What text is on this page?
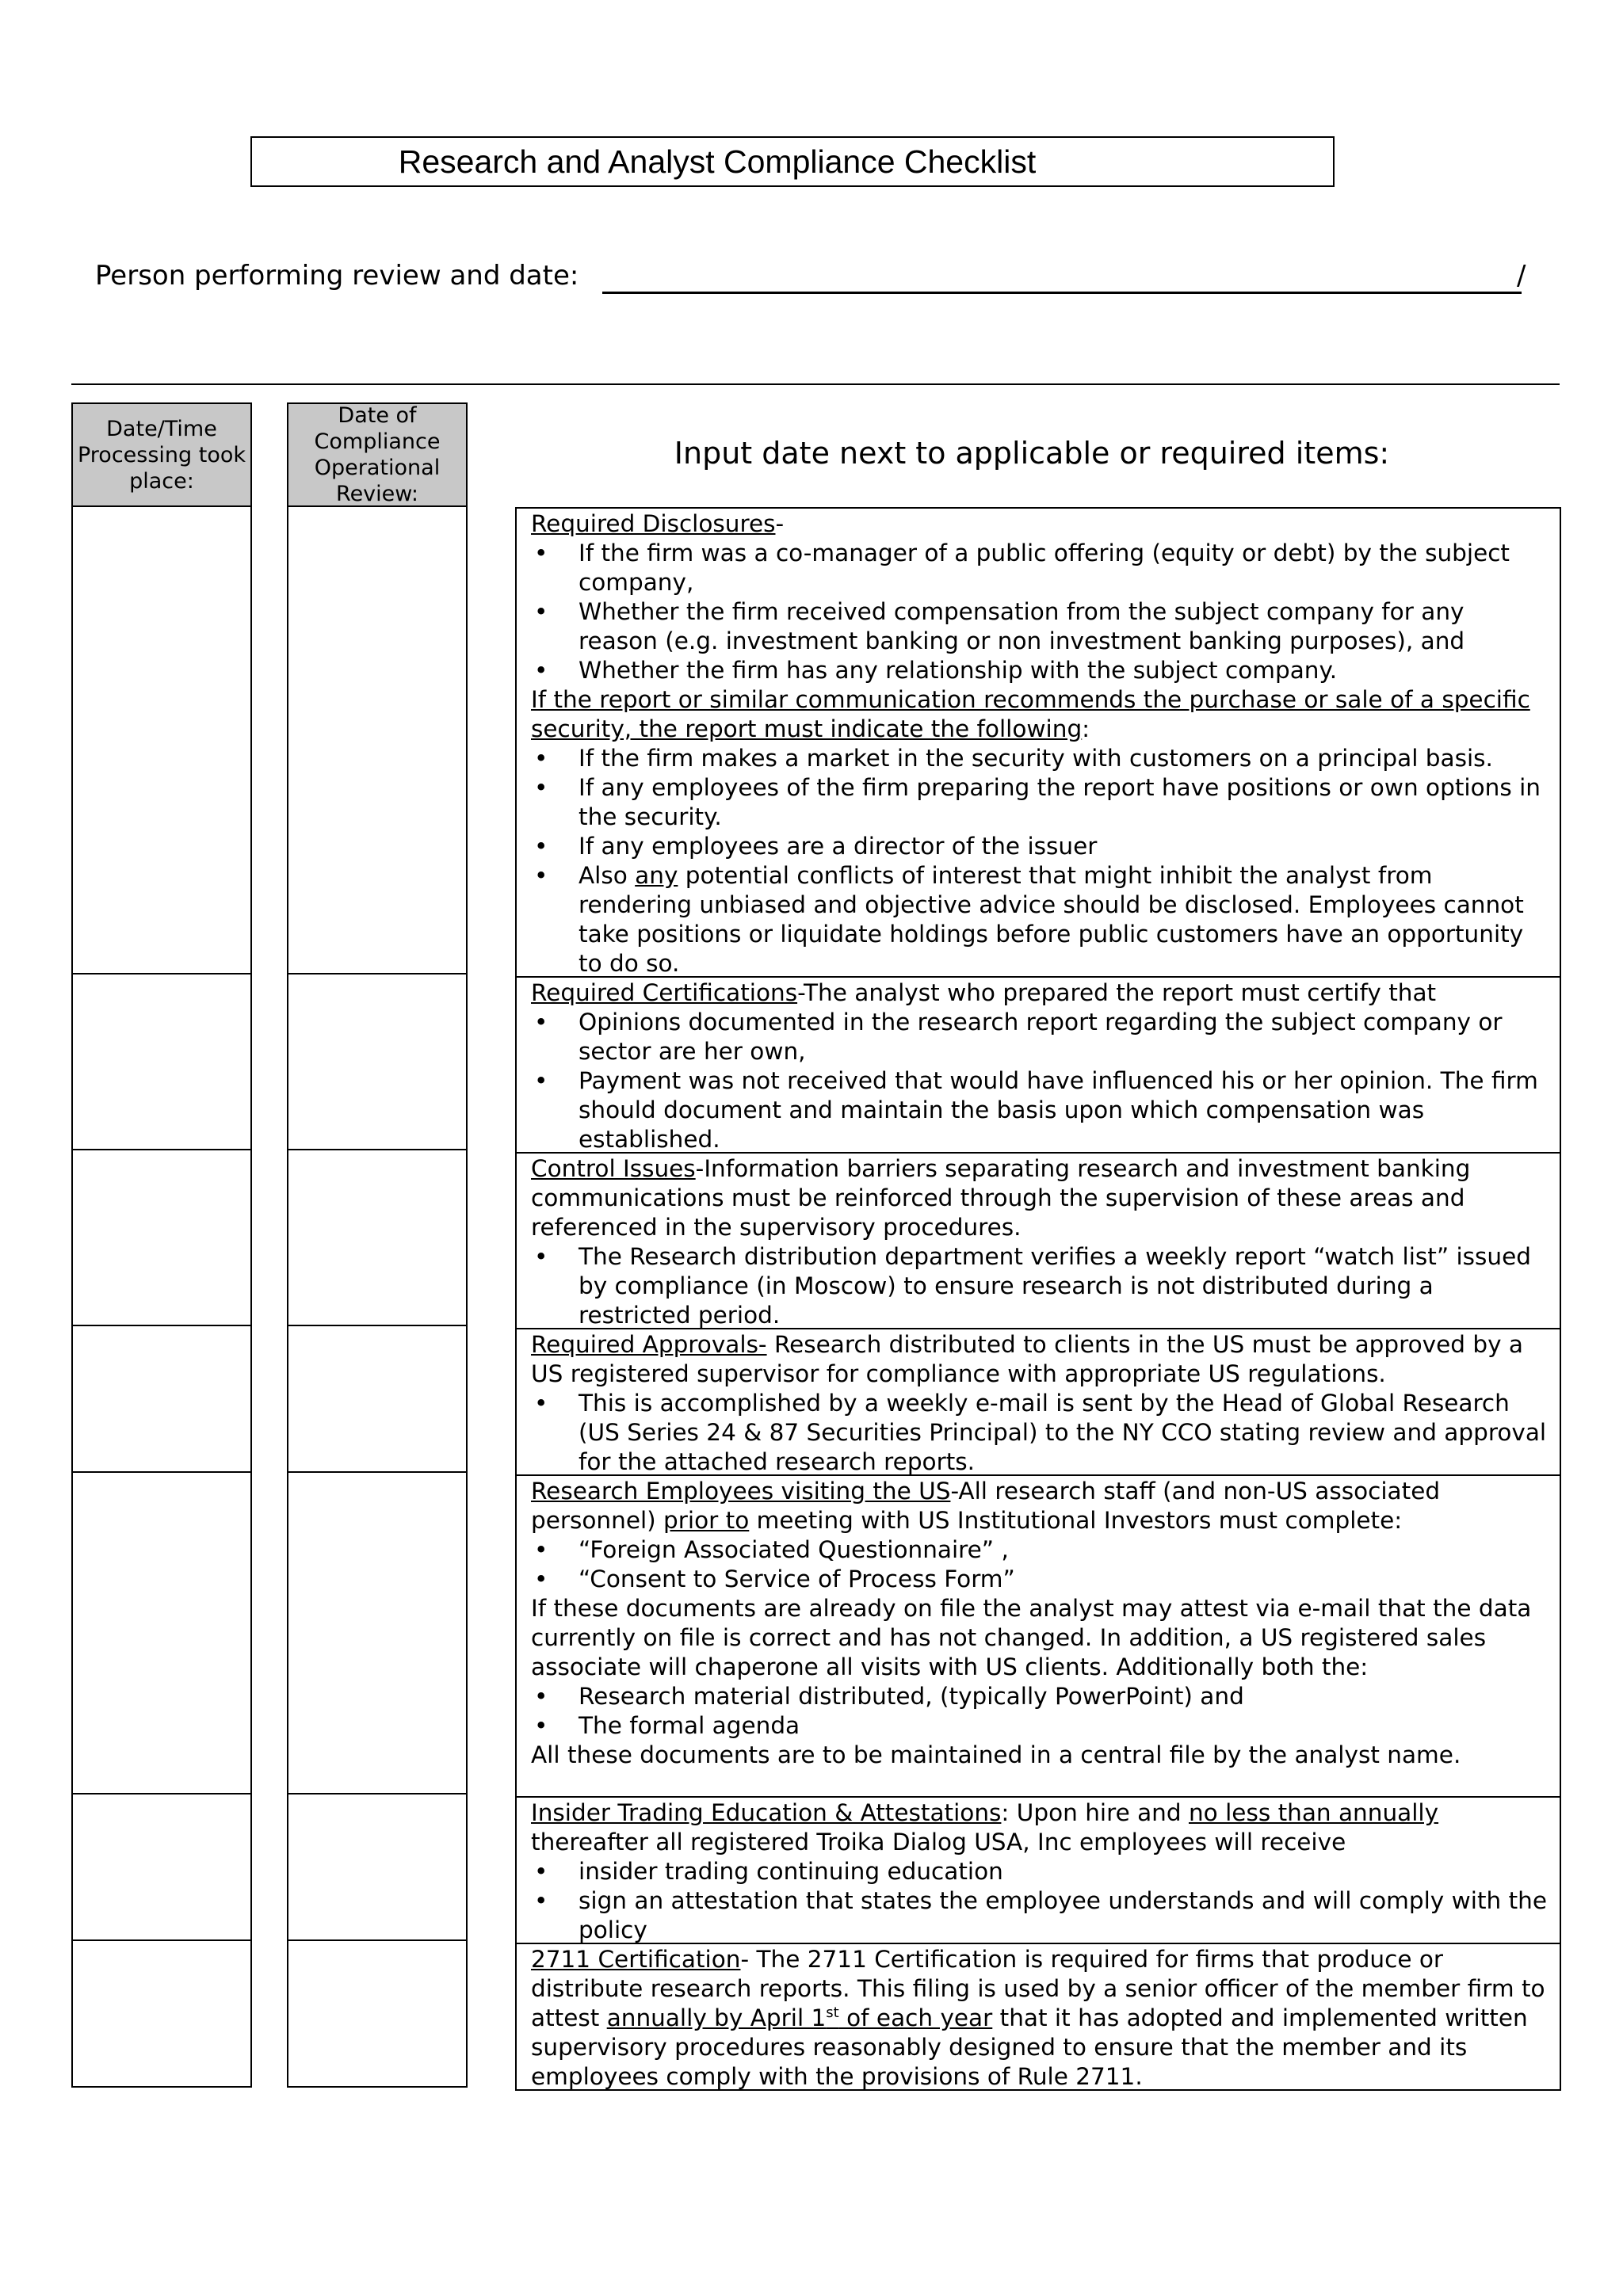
Research and Analyst Compliance Checklist
Person performing review and date:	/
Date/Time Processing took place:
Date of Compliance Operational Review:
Input date next to applicable or required items:

Required Disclosures-

• If the firm was a co-manager of a public offering (equity or debt) by the subject company,
• Whether the firm received compensation from the subject company for any reason (e.g. investment banking or non investment banking purposes), and
• Whether the firm has any relationship with the subject company.

If the report or similar communication recommends the purchase or sale of a specific security, the report must indicate the following:

• If the firm makes a market in the security with customers on a principal basis.
• If any employees of the firm preparing the report have positions or own options in the security.
• If any employees are a director of the issuer
• Also any potential conflicts of interest that might inhibit the analyst from rendering unbiased and objective advice should be disclosed. Employees cannot take positions or liquidate holdings before public customers have an opportunity to do so.

Required Certifications-The analyst who prepared the report must certify that

• Opinions documented in the research report regarding the subject company or sector are her own,
• Payment was not received that would have influenced his or her opinion. The firm should document and maintain the basis upon which compensation was established.

Control Issues-Information barriers separating research and investment banking communications must be reinforced through the supervision of these areas and referenced in the supervisory procedures.

• The Research distribution department verifies a weekly report “watch list” issued by compliance (in Moscow) to ensure research is not distributed during a restricted period.

Required Approvals- Research distributed to clients in the US must be approved by a US registered supervisor for compliance with appropriate US regulations.

• This is accomplished by a weekly e-mail is sent by the Head of Global Research (US Series 24 & 87 Securities Principal) to the NY CCO stating review and approval for the attached research reports.

Research Employees visiting the US-All research staff (and non-US associated personnel) prior to meeting with US Institutional Investors must complete:

• “Foreign Associated Questionnaire” ,
• “Consent to Service of Process Form”

If these documents are already on file the analyst may attest via e-mail that the data currently on file is correct and has not changed. In addition, a US registered sales associate will chaperone all visits with US clients. Additionally both the:

• Research material distributed, (typically PowerPoint) and
• The formal agenda

All these documents are to be maintained in a central file by the analyst name.

Insider Trading Education & Attestations: Upon hire and no less than annually thereafter all registered Troika Dialog USA, Inc employees will receive

• insider trading continuing education
• sign an attestation that states the employee understands and will comply with the policy

2711 Certification- The 2711 Certification is required for firms that produce or distribute research reports. This filing is used by a senior officer of the member firm to attest annually by April 1st of each year that it has adopted and implemented written supervisory procedures reasonably designed to ensure that the member and its employees comply with the provisions of Rule 2711.
